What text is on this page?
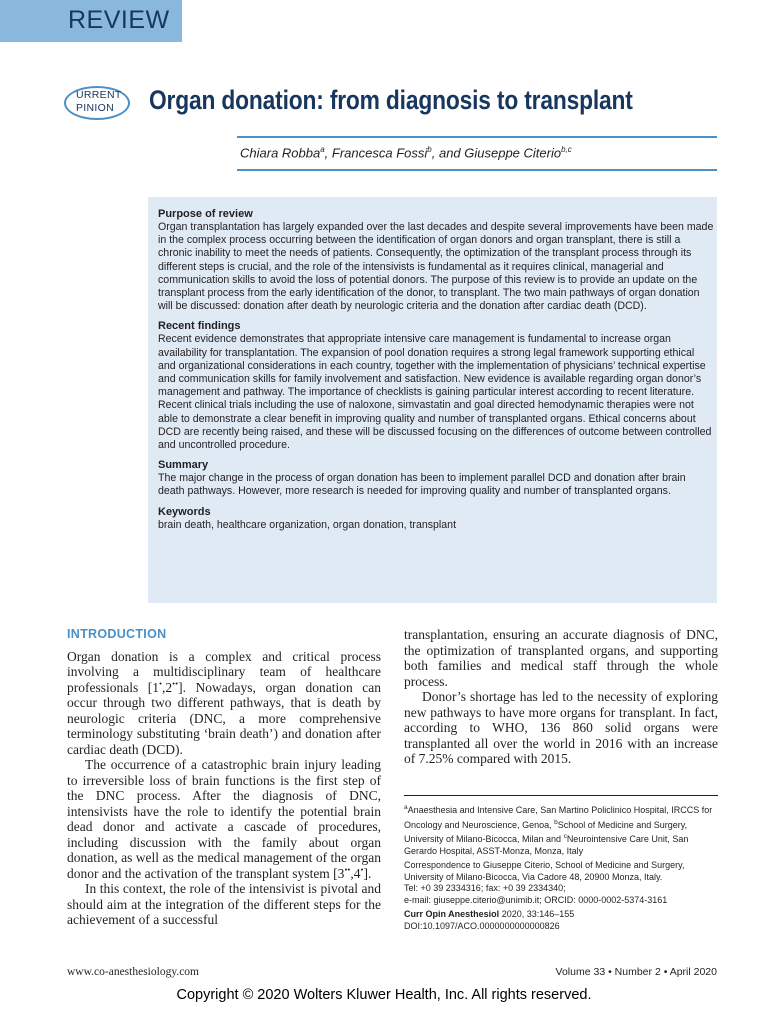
REVIEW
URRENT
PINION Organ donation: from diagnosis to transplant
Chiara Robba$^a$, Francesca Fossi$^b$, and Giuseppe Citerio$^{b,c}$
Purpose of review

Organ transplantation has largely expanded over the last decades and despite several improvements have been made in the complex process occurring between the identification of organ donors and organ transplant, there is still a chronic inability to meet the needs of patients. Consequently, the optimization of the transplant process through its different steps is crucial, and the role of the intensivists is fundamental as it requires clinical, managerial and communication skills to avoid the loss of potential donors. The purpose of this review is to provide an update on the transplant process from the early identification of the donor, to transplant. The two main pathways of organ donation will be discussed: donation after death by neurologic criteria and the donation after cardiac death (DCD).

Recent findings

Recent evidence demonstrates that appropriate intensive care management is fundamental to increase organ availability for transplantation. The expansion of pool donation requires a strong legal framework supporting ethical and organizational considerations in each country, together with the implementation of physicians’ technical expertise and communication skills for family involvement and satisfaction. New evidence is available regarding organ donor’s management and pathway. The importance of checklists is gaining particular interest according to recent literature. Recent clinical trials including the use of naloxone, simvastatin and goal directed hemodynamic therapies were not able to demonstrate a clear benefit in improving quality and number of transplanted organs. Ethical concerns about DCD are recently being raised, and these will be discussed focusing on the differences of outcome between controlled and uncontrolled procedure.

Summary

The major change in the process of organ donation has been to implement parallel DCD and donation after brain death pathways. However, more research is needed for improving quality and number of transplanted organs.

Keywords

brain death, healthcare organization, organ donation, transplant

INTRODUCTION

Organ donation is a complex and critical process involving a multidisciplinary team of healthcare professionals [1•,2••]. Nowadays, organ donation can occur through two different pathways, that is death by neurologic criteria (DNC, a more comprehensive terminology substituting ‘brain death’) and donation after cardiac death (DCD).

The occurrence of a catastrophic brain injury leading to irreversible loss of brain functions is the first step of the DNC process. After the diagnosis of DNC, intensivists have the role to identify the potential brain dead donor and activate a cascade of procedures, including discussion with the family about organ donation, as well as the medical management of the organ donor and the activation of the transplant system [3••,4•].

In this context, the role of the intensivist is pivotal and should aim at the integration of the different steps for the achievement of a successful

transplantation, ensuring an accurate diagnosis of DNC, the optimization of transplanted organs, and supporting both families and medical staff through the whole process.

Donor’s shortage has led to the necessity of exploring new pathways to have more organs for transplant. In fact, according to WHO, 136 860 solid organs were transplanted all over the world in 2016 with an increase of 7.25% compared with 2015.

$^a$Anaesthesia and Intensive Care, San Martino Policlinico Hospital, IRCCS for Oncology and Neuroscience, Genoa, $^b$School of Medicine and Surgery, University of Milano-Bicocca, Milan and $^c$Neurointensive Care Unit, San Gerardo Hospital, ASST-Monza, Monza, Italy

Correspondence to Giuseppe Citerio, School of Medicine and Surgery, University of Milano-Bicocca, Via Cadore 48, 20900 Monza, Italy.

Tel: +0 39 2334316; fax: +0 39 2334340;

e-mail: giuseppe.citerio@unimib.it; ORCID: 0000-0002-5374-3161

Curr Opin Anesthesiol 2020, 33:146–155

DOI:10.1097/ACO.0000000000000826

www.co-anesthesiology.com	Volume 33 • Number 2 • April 2020
Copyright © 2020 Wolters Kluwer Health, Inc. All rights reserved.
